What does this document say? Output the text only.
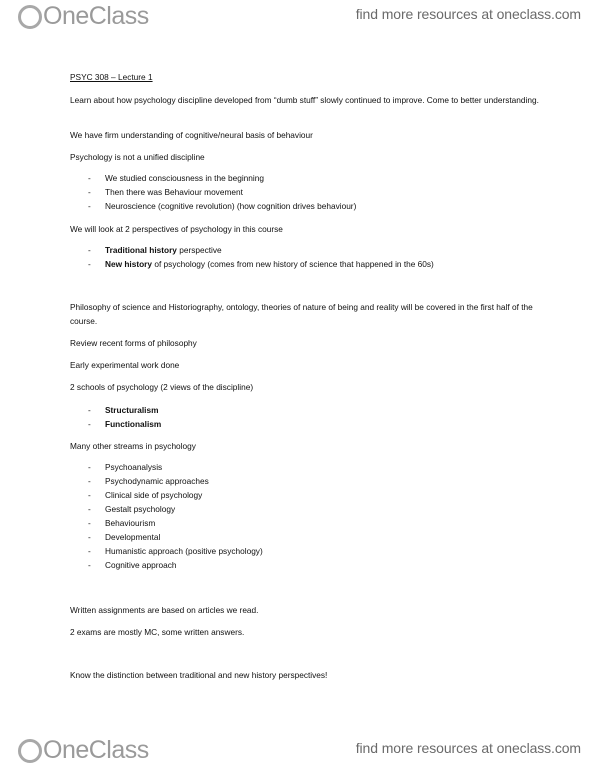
OneClass	find more resources at oneclass.com

PSYC 308 – Lecture 1

Learn about how psychology discipline developed from “dumb stuff” slowly continued to improve. Come to better understanding.

We have firm understanding of cognitive/neural basis of behaviour

Psychology is not a unified discipline

- We studied consciousness in the beginning
- Then there was Behaviour movement
- Neuroscience (cognitive revolution) (how cognition drives behaviour)

We will look at 2 perspectives of psychology in this course

- Traditional history perspective
- New history of psychology (comes from new history of science that happened in the 60s)

Philosophy of science and Historiography, ontology, theories of nature of being and reality will be covered in the first half of the course.

Review recent forms of philosophy

Early experimental work done

2 schools of psychology (2 views of the discipline)

- Structuralism
- Functionalism

Many other streams in psychology

- Psychoanalysis
- Psychodynamic approaches
- Clinical side of psychology
- Gestalt psychology
- Behaviourism
- Developmental
- Humanistic approach (positive psychology)
- Cognitive approach

Written assignments are based on articles we read.

2 exams are mostly MC, some written answers.

Know the distinction between traditional and new history perspectives!

OneClass	find more resources at oneclass.com
